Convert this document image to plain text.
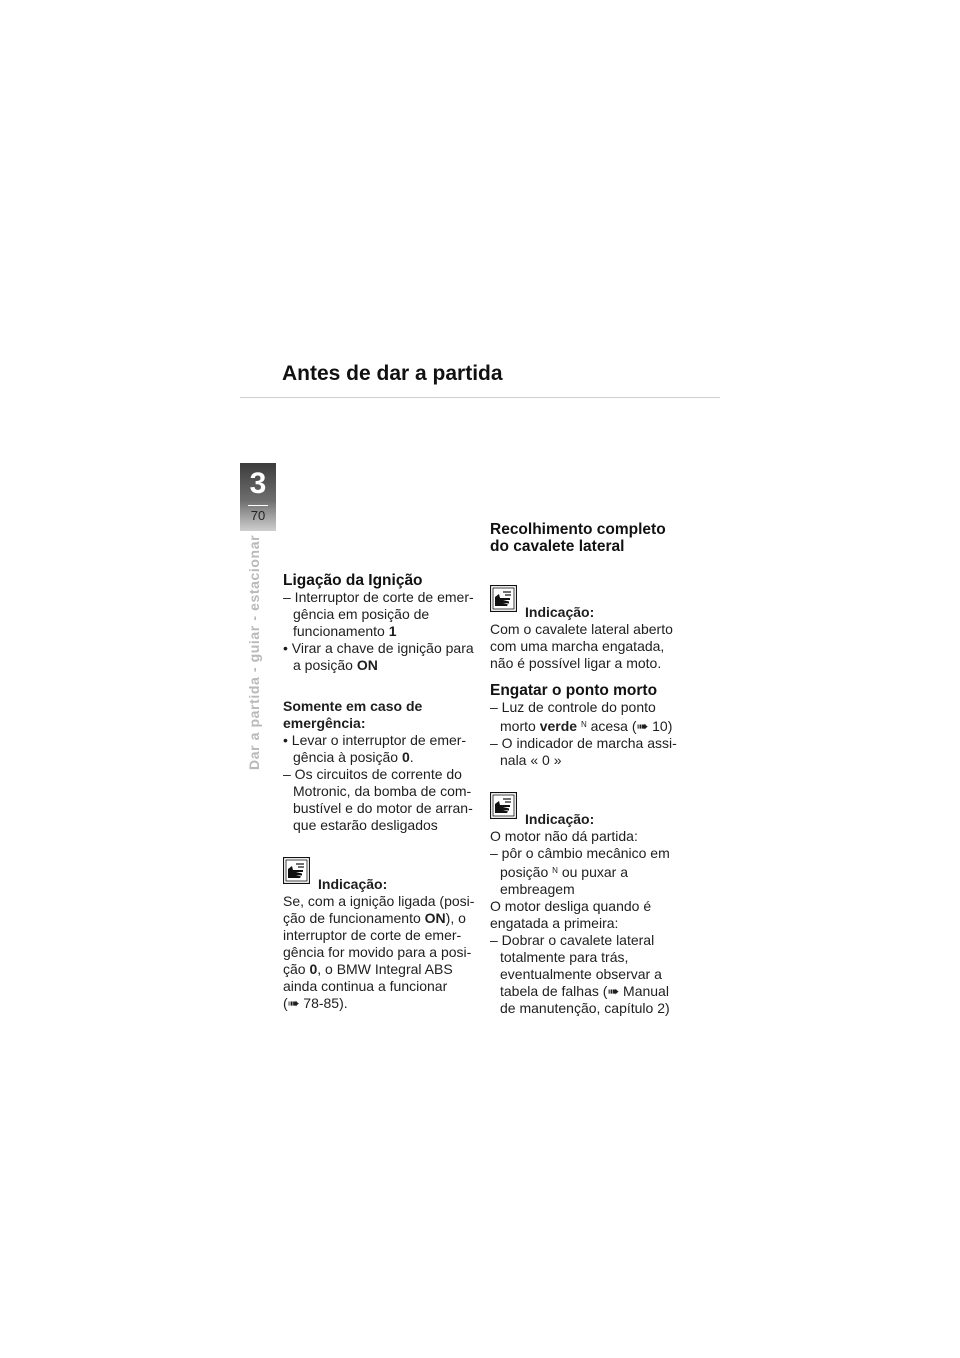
Antes de dar a partida
3
70
Dar a partida - guiar - estacionar Ligação da Ignição
– Interruptor de corte de emer-
gência em posição de
funcionamento 1
• Virar a chave de ignição para
a posição ON
Somente em caso de
emergência:
• Levar o interruptor de emer-
gência à posição 0.
– Os circuitos de corrente do
Motronic, da bomba de com-
bustível e do motor de arran-
que estarão desligados
Indicação:
Se, com a ignição ligada (posi-
ção de funcionamento ON), o
interruptor de corte de emer-
gência for movido para a posi-
ção 0, o BMW Integral ABS
ainda continua a funcionar
(➠ 78-85).
Recolhimento completo
do cavalete lateral
Indicação:
Com o cavalete lateral aberto
com uma marcha engatada,
não é possível ligar a moto.
Engatar o ponto morto
– Luz de controle do ponto
morto verde $^N$ acesa (➠ 10)
– O indicador de marcha assi-
nala « 0 »
Indicação:
O motor não dá partida:
– pôr o câmbio mecânico em
posição $^N$ ou puxar a
embreagem
O motor desliga quando é
engatada a primeira:
– Dobrar o cavalete lateral
totalmente para trás,
eventualmente observar a
tabela de falhas (➠ Manual
de manutenção, capítulo 2)
